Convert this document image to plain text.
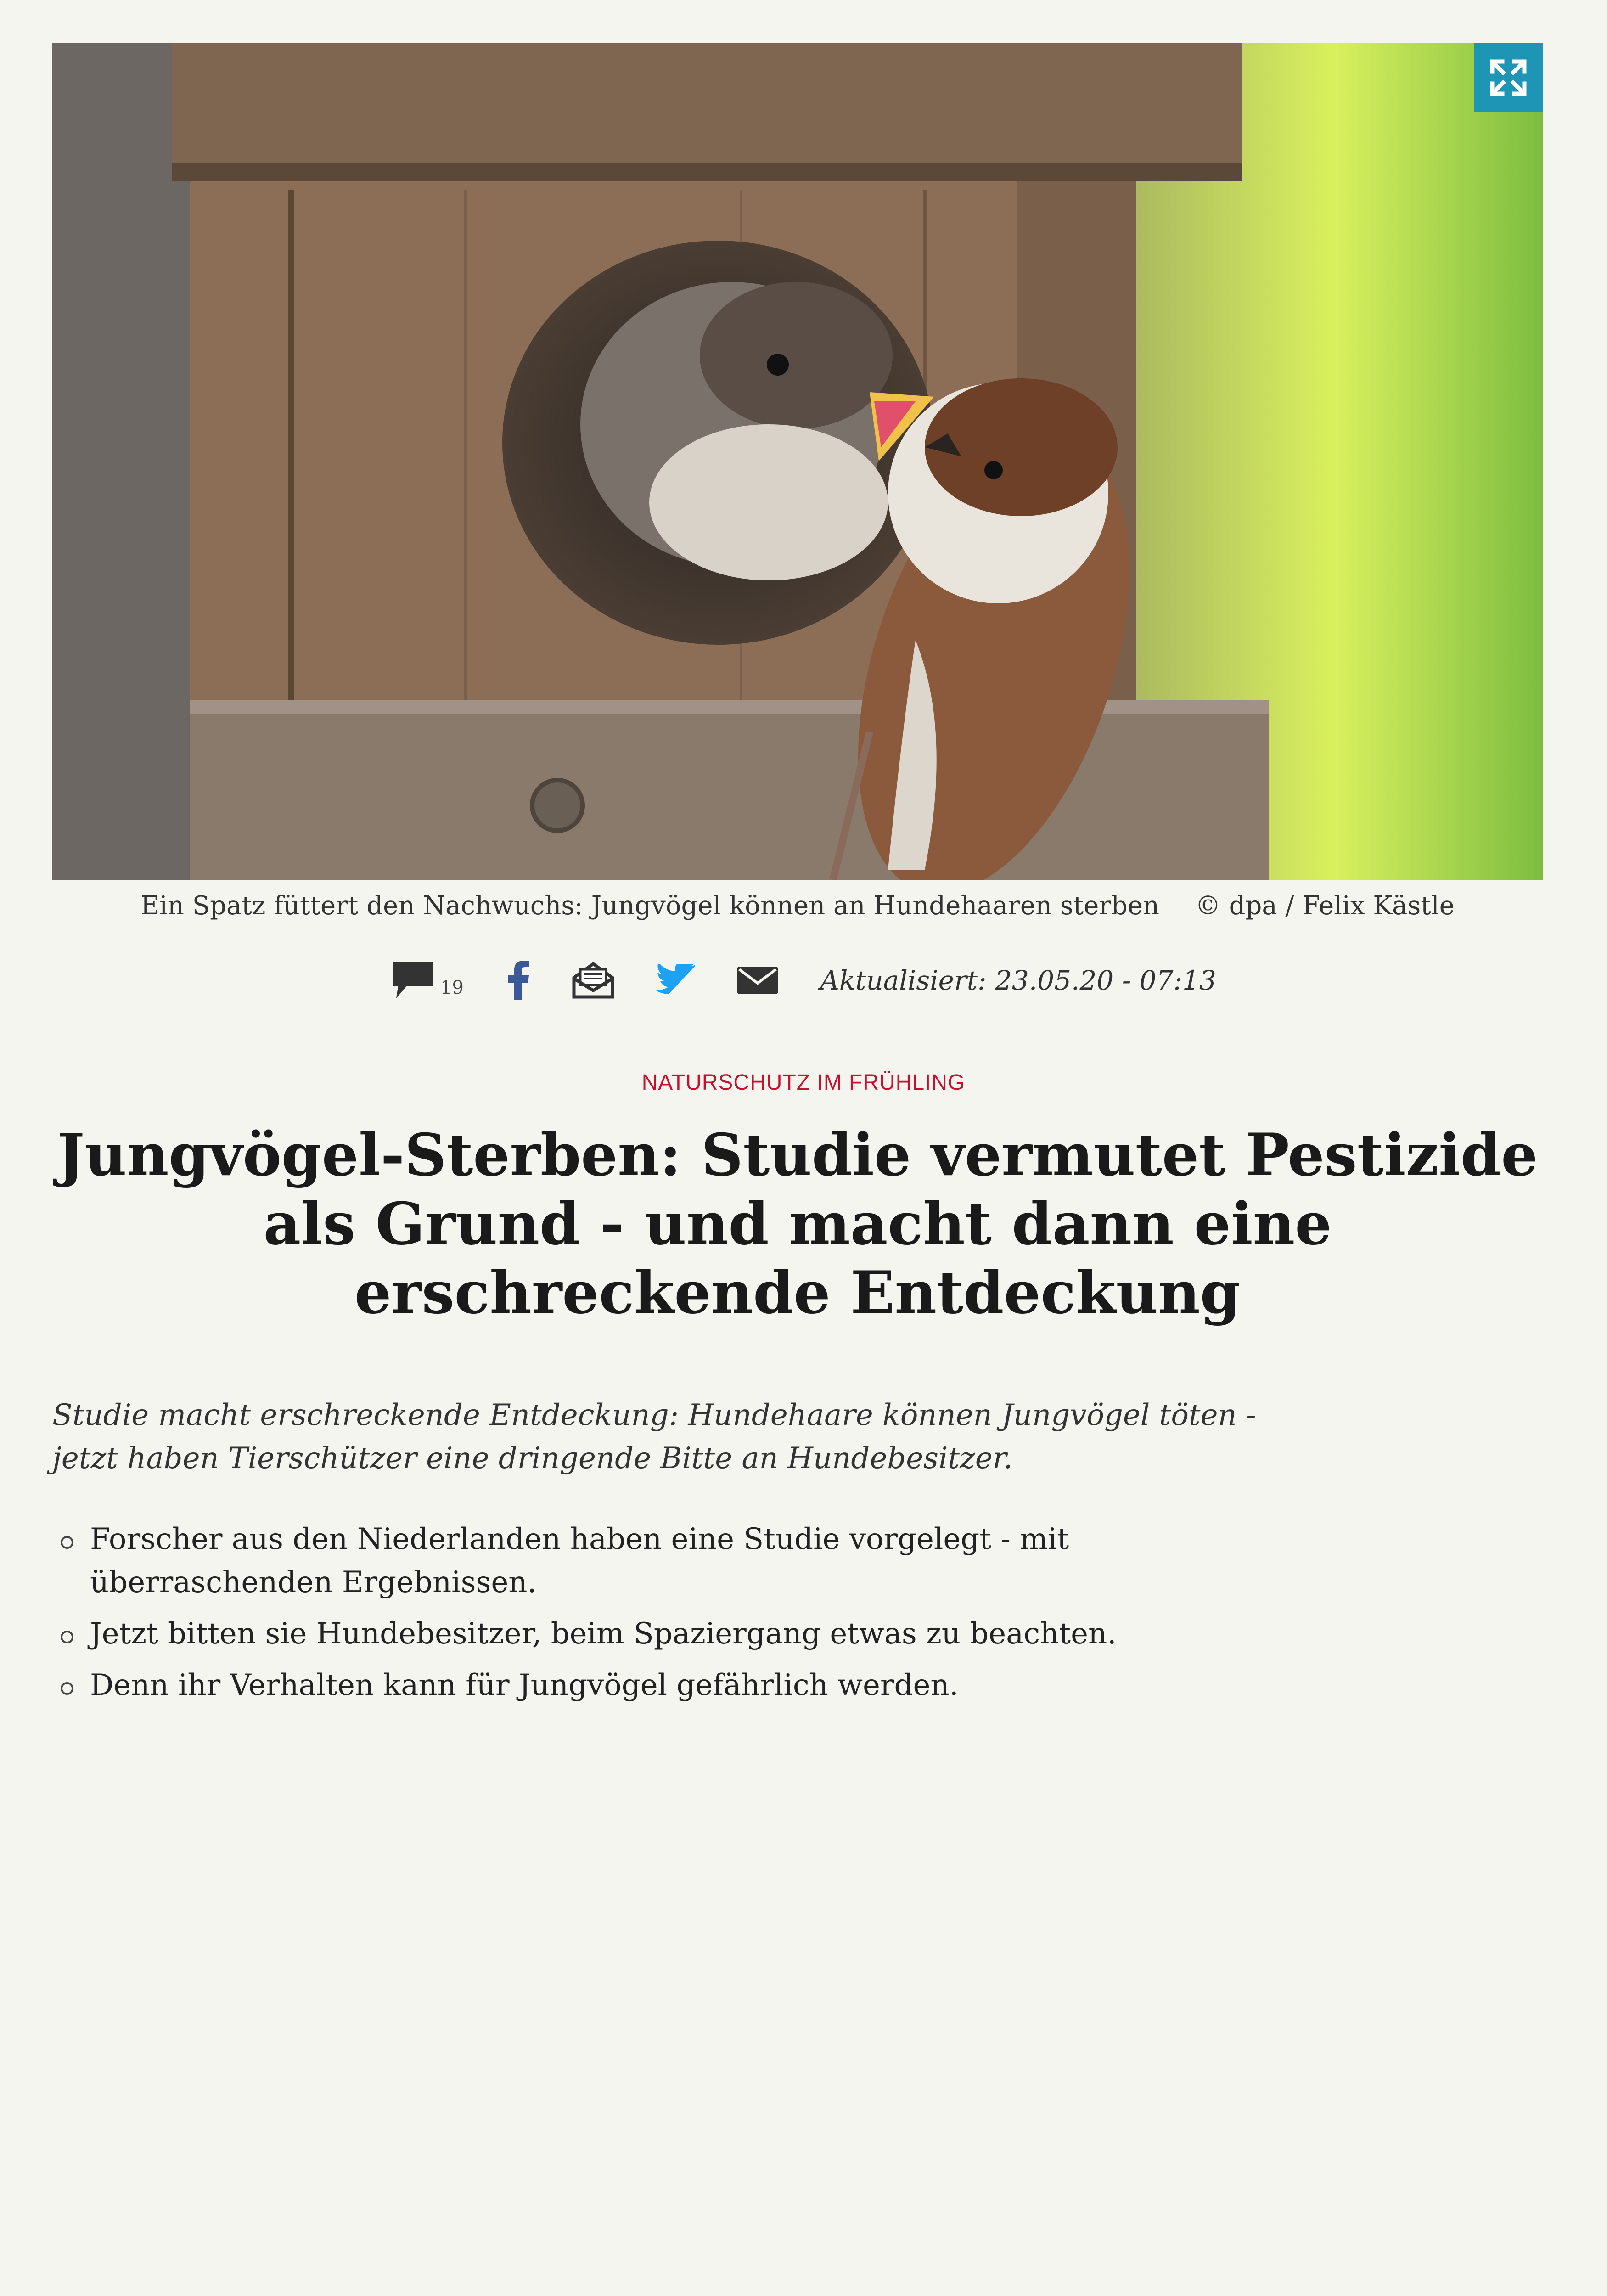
Ein Spatz füttert den Nachwuchs: Jungvögel können an Hundehaaren sterben © dpa / Felix Kästle
19	Aktualisiert: 23.05.20 - 07:13
NATURSCHUTZ IM FRÜHLING
Jungvögel-Sterben: Studie vermutet Pestizide als Grund - und macht dann eine erschreckende Entdeckung

Studie macht erschreckende Entdeckung: Hundehaare können Jungvögel töten - jetzt haben Tierschützer eine dringende Bitte an Hundebesitzer.

Forscher aus den Niederlanden haben eine Studie vorgelegt - mit überraschenden Ergebnissen.
Jetzt bitten sie Hundebesitzer, beim Spaziergang etwas zu beachten.
Denn ihr Verhalten kann für Jungvögel gefährlich werden.
